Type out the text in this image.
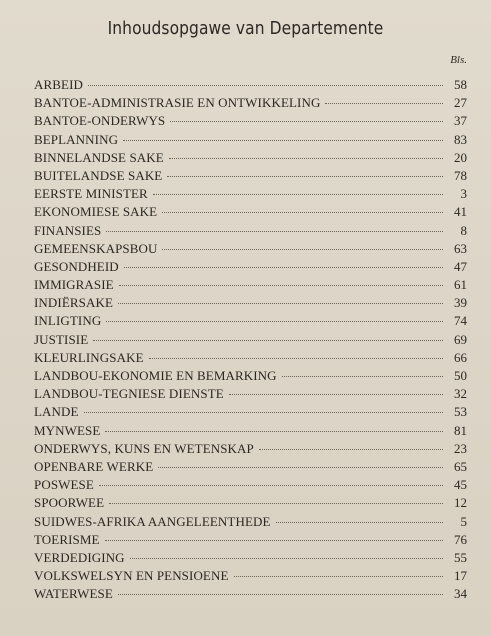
Inhoudsopgawe van Departemente
Bls.
ARBEID	58
BANTOE-ADMINISTRASIE EN ONTWIKKELING	27
BANTOE-ONDERWYS	37
BEPLANNING	83
BINNELANDSE SAKE	20
BUITELANDSE SAKE	78
EERSTE MINISTER	3
EKONOMIESE SAKE	41
FINANSIES	8
GEMEENSKAPSBOU	63
GESONDHEID	47
IMMIGRASIE	61
INDIËRSAKE	39
INLIGTING	74
JUSTISIE	69
KLEURLINGSAKE	66
LANDBOU-EKONOMIE EN BEMARKING	50
LANDBOU-TEGNIESE DIENSTE	32
LANDE	53
MYNWESE	81
ONDERWYS, KUNS EN WETENSKAP	23
OPENBARE WERKE	65
POSWESE	45
SPOORWEE	12
SUIDWES-AFRIKA AANGELEENTHEDE	5
TOERISME	76
VERDEDIGING	55
VOLKSWELSYN EN PENSIOENE	17
WATERWESE	34
